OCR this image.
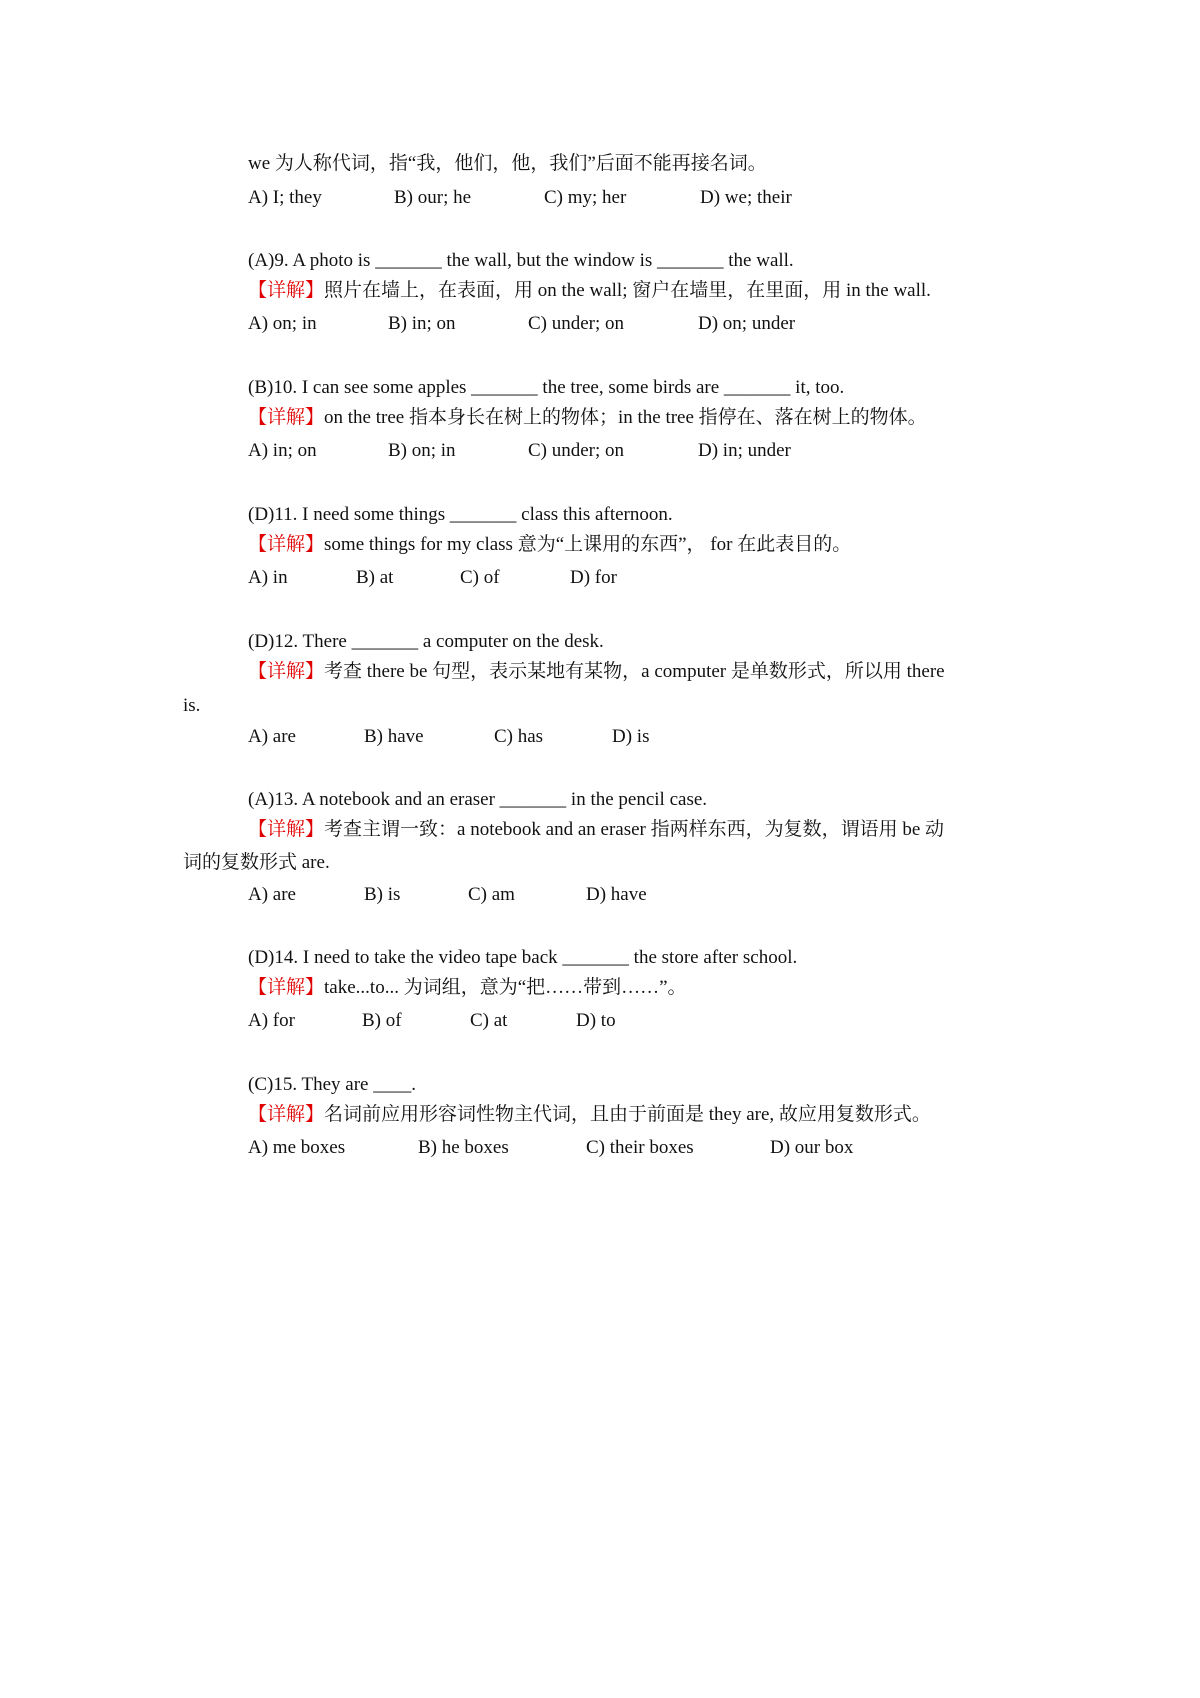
we 为人称代词，指“我，他们，他，我们”后面不能再接名词。
A) I; they	B) our; he	C) my; her	D) we; their
(A)9. A photo is _______ the wall, but the window is _______ the wall.
【详解】照片在墙上，在表面，用 on the wall; 窗户在墙里，在里面，用 in the wall.
A) on; in	B) in; on	C) under; on	D) on; under
(B)10. I can see some apples _______ the tree, some birds are _______ it, too.
【详解】on the tree 指本身长在树上的物体；in the tree 指停在、落在树上的物体。
A) in; on	B) on; in	C) under; on	D) in; under
(D)11. I need some things _______ class this afternoon.
【详解】some things for my class 意为“上课用的东西”， for 在此表目的。
A) in	B) at	C) of	D) for
(D)12. There _______ a computer on the desk.
【详解】考查 there be 句型，表示某地有某物，a computer 是单数形式，所以用 there
is.
A) are	B) have	C) has	D) is
(A)13. A notebook and an eraser _______ in the pencil case.
【详解】考查主谓一致：a notebook and an eraser 指两样东西，为复数，谓语用 be 动
词的复数形式 are.
A) are	B) is	C) am	D) have
(D)14. I need to take the video tape back _______ the store after school.
【详解】take...to... 为词组，意为“把……带到……”。
A) for	B) of	C) at	D) to
(C)15. They are ____.
【详解】名词前应用形容词性物主代词，且由于前面是 they are, 故应用复数形式。
A) me boxes	B) he boxes	C) their boxes	D) our box
